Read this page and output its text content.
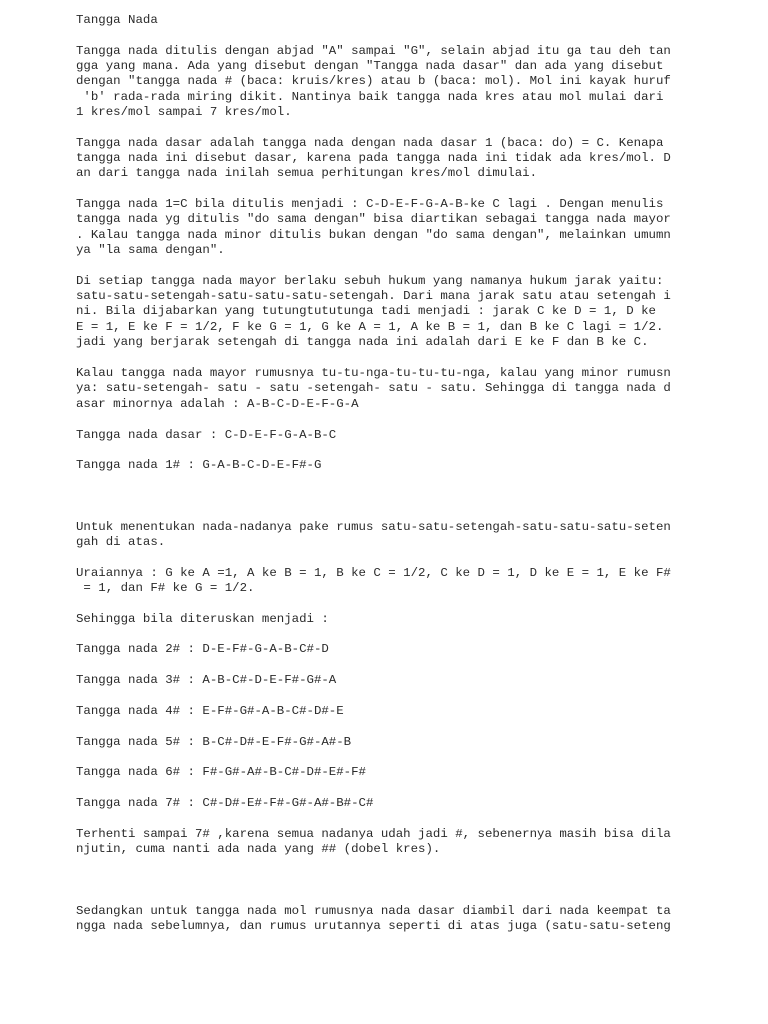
Tangga Nada

Tangga nada ditulis dengan abjad "A" sampai "G", selain abjad itu ga tau deh tan

gga yang mana. Ada yang disebut dengan "Tangga nada dasar" dan ada yang disebut

dengan "tangga nada # (baca: kruis/kres) atau b (baca: mol). Mol ini kayak huruf

'b' rada-rada miring dikit. Nantinya baik tangga nada kres atau mol mulai dari

1 kres/mol sampai 7 kres/mol.

Tangga nada dasar adalah tangga nada dengan nada dasar 1 (baca: do) = C. Kenapa

tangga nada ini disebut dasar, karena pada tangga nada ini tidak ada kres/mol. D

an dari tangga nada inilah semua perhitungan kres/mol dimulai.

Tangga nada 1=C bila ditulis menjadi : C-D-E-F-G-A-B-ke C lagi . Dengan menulis

tangga nada yg ditulis "do sama dengan" bisa diartikan sebagai tangga nada mayor

. Kalau tangga nada minor ditulis bukan dengan "do sama dengan", melainkan umumn

ya "la sama dengan".

Di setiap tangga nada mayor berlaku sebuh hukum yang namanya hukum jarak yaitu:

satu-satu-setengah-satu-satu-satu-setengah. Dari mana jarak satu atau setengah i

ni. Bila dijabarkan yang tutungtututunga tadi menjadi : jarak C ke D = 1, D ke

E = 1, E ke F = 1/2, F ke G = 1, G ke A = 1, A ke B = 1, dan B ke C lagi = 1/2.

jadi yang berjarak setengah di tangga nada ini adalah dari E ke F dan B ke C.

Kalau tangga nada mayor rumusnya tu-tu-nga-tu-tu-tu-nga, kalau yang minor rumusn

ya: satu-setengah- satu - satu -setengah- satu - satu. Sehingga di tangga nada d

asar minornya adalah : A-B-C-D-E-F-G-A

Tangga nada dasar : C-D-E-F-G-A-B-C

Tangga nada 1# : G-A-B-C-D-E-F#-G

Untuk menentukan nada-nadanya pake rumus satu-satu-setengah-satu-satu-satu-seten

gah di atas.

Uraiannya : G ke A =1, A ke B = 1, B ke C = 1/2, C ke D = 1, D ke E = 1, E ke F#

= 1, dan F# ke G = 1/2.

Sehingga bila diteruskan menjadi :

Tangga nada 2# : D-E-F#-G-A-B-C#-D

Tangga nada 3# : A-B-C#-D-E-F#-G#-A

Tangga nada 4# : E-F#-G#-A-B-C#-D#-E

Tangga nada 5# : B-C#-D#-E-F#-G#-A#-B

Tangga nada 6# : F#-G#-A#-B-C#-D#-E#-F#

Tangga nada 7# : C#-D#-E#-F#-G#-A#-B#-C#

Terhenti sampai 7# ,karena semua nadanya udah jadi #, sebenernya masih bisa dila

njutin, cuma nanti ada nada yang ## (dobel kres).

Sedangkan untuk tangga nada mol rumusnya nada dasar diambil dari nada keempat ta

ngga nada sebelumnya, dan rumus urutannya seperti di atas juga (satu-satu-seteng
